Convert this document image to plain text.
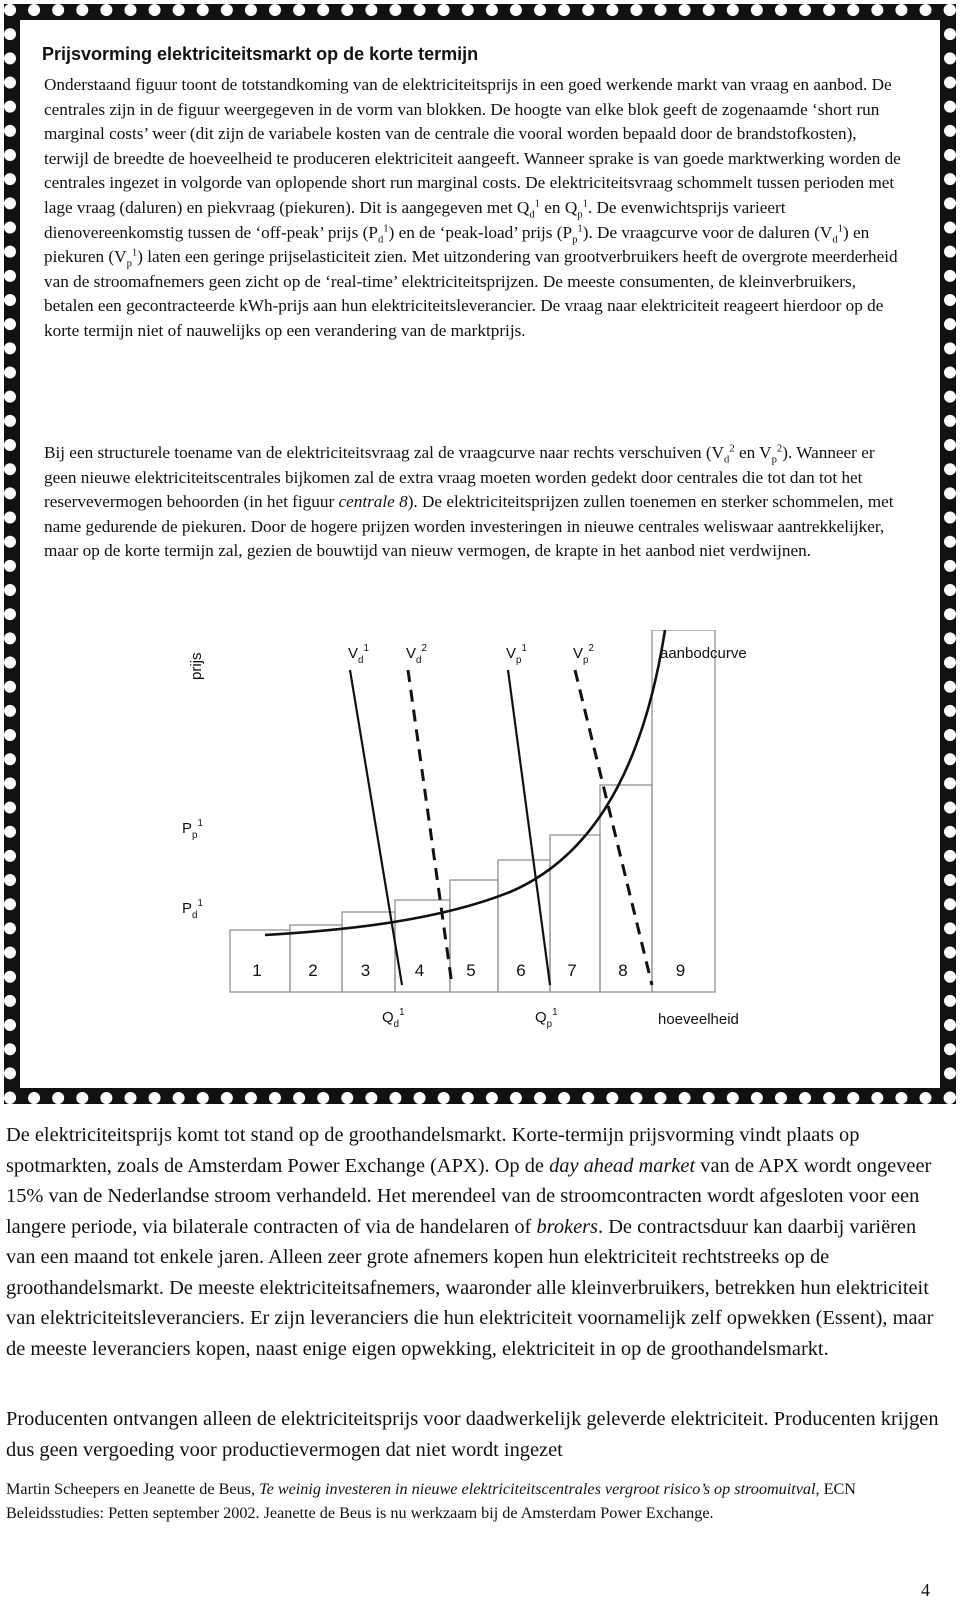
Prijsvorming elektriciteitsmarkt op de korte termijn

Onderstaand figuur toont de totstandkoming van de elektriciteitsprijs in een goed werkende markt van vraag en aanbod. De centrales zijn in de figuur weergegeven in de vorm van blokken. De hoogte van elke blok geeft de zogenaamde ‘short run marginal costs’ weer (dit zijn de variabele kosten van de centrale die vooral worden bepaald door de brandstofkosten), terwijl de breedte de hoeveelheid te produceren elektriciteit aangeeft. Wanneer sprake is van goede marktwerking worden de centrales ingezet in volgorde van oplopende short run marginal costs. De elektriciteitsvraag schommelt tussen perioden met lage vraag (daluren) en piekvraag (piekuren). Dit is aangegeven met $Q_d^1$ en $Q_p^1$. De evenwichtsprijs varieert dienovereenkomstig tussen de ‘off-peak’ prijs $(P_d^1)$ en de ‘peak-load’ prijs $(P_p^1)$. De vraagcurve voor de daluren $(V_d^1)$ en piekuren $(V_p^1)$ laten een geringe prijselasticiteit zien. Met uitzondering van grootverbruikers heeft de overgrote meerderheid van de stroomafnemers geen zicht op de ‘real-time’ elektriciteitsprijzen. De meeste consumenten, de kleinverbruikers, betalen een gecontracteerde kWh-prijs aan hun elektriciteitsleverancier. De vraag naar elektriciteit reageert hierdoor op de korte termijn niet of nauwelijks op een verandering van de marktprijs.

Bij een structurele toename van de elektriciteitsvraag zal de vraagcurve naar rechts verschuiven ($V_d^2$ en $V_p^2$). Wanneer er geen nieuwe elektriciteitscentrales bijkomen zal de extra vraag moeten worden gedekt door centrales die tot dan tot het reservevermogen behoorden (in het figuur centrale 8). De elektriciteitsprijzen zullen toenemen en sterker schommelen, met name gedurende de piekuren. Door de hogere prijzen worden investeringen in nieuwe centrales weliswaar aantrekkelijker, maar op de korte termijn zal, gezien de bouwtijd van nieuw vermogen, de krapte in het aanbod niet verdwijnen.

1	2	3	4 5 6 7 8	9
$V_d^1$ $V_d^2$	$V_p^1$	$V_p^2$
prijs	aanbodcurve
hoeveelheid
$P_p^1$
$P_d^1$
$Q_d^1$	$Q_p^1$

De elektriciteitsprijs komt tot stand op de groothandelsmarkt. Korte-termijn prijsvorming vindt plaats op spotmarkten, zoals de Amsterdam Power Exchange (APX). Op de day ahead market van de APX wordt ongeveer 15% van de Nederlandse stroom verhandeld. Het merendeel van de stroomcontracten wordt afgesloten voor een langere periode, via bilaterale contracten of via de handelaren of brokers. De contractsduur kan daarbij variëren van een maand tot enkele jaren. Alleen zeer grote afnemers kopen hun elektriciteit rechtstreeks op de groothandelsmarkt. De meeste elektriciteitsafnemers, waaronder alle kleinverbruikers, betrekken hun elektriciteit van elektriciteitsleveranciers. Er zijn leveranciers die hun elektriciteit voornamelijk zelf opwekken (Essent), maar de meeste leveranciers kopen, naast enige eigen opwekking, elektriciteit in op de groothandelsmarkt.

Producenten ontvangen alleen de elektriciteitsprijs voor daadwerkelijk geleverde elektriciteit. Producenten krijgen dus geen vergoeding voor productievermogen dat niet wordt ingezet

Martin Scheepers en Jeanette de Beus, Te weinig investeren in nieuwe elektriciteitscentrales vergroot risico’s op stroomuitval, ECN Beleidsstudies: Petten september 2002. Jeanette de Beus is nu werkzaam bij de Amsterdam Power Exchange.

4
